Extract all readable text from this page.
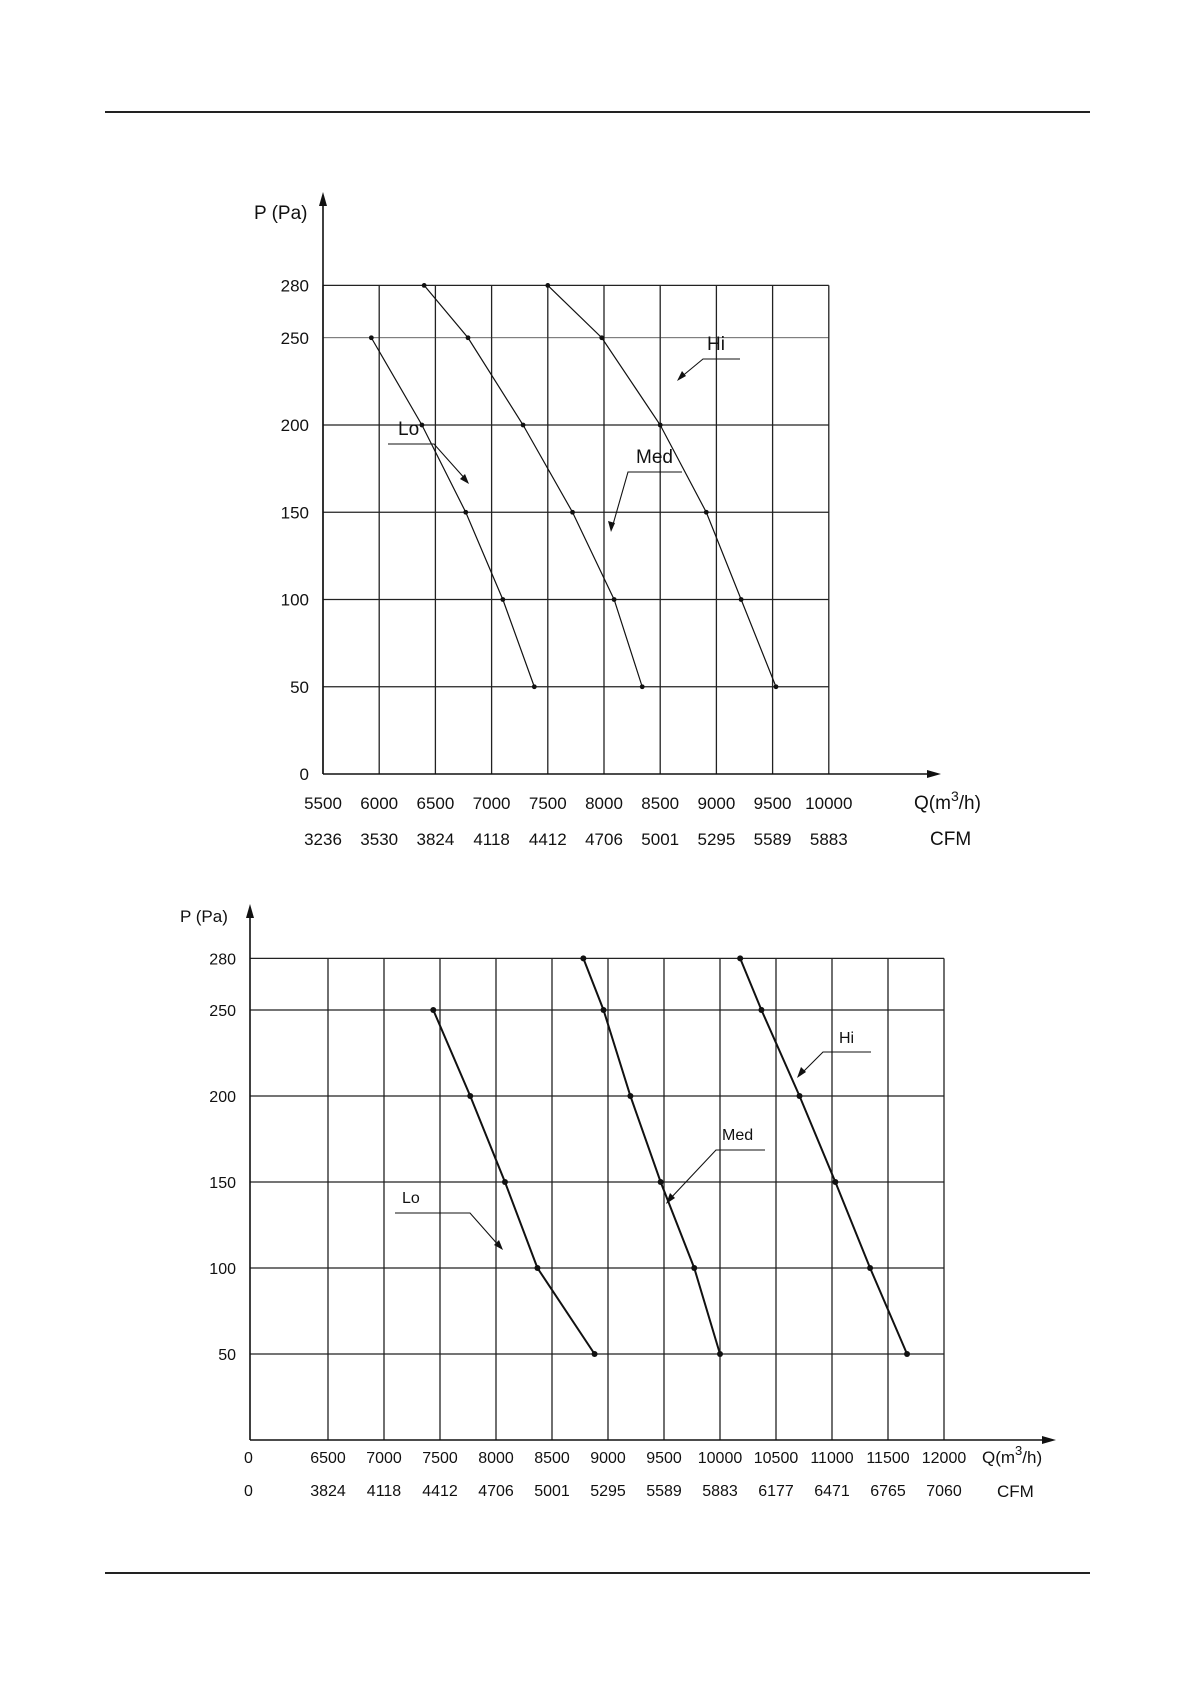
0
50
100
150
200
250
280
5500 6000 6500 7000 7500 8000 8500 9000 9500 10000
3236 3530 3824 4118 4412 4706 5001 5295 5589 5883
P (Pa)
$Q(m^3/h)$
CFM
Lo
Med
Hi
50
100
150
200
250
280
6500 7000 7500 8000 8500 9000 9500 10000 10500 11000 11500 12000
3824 4118 4412 4706 5001 5295 5589 5883 6177 6471 6765 7060
0
0
P (Pa)
$Q(m^3/h)$
CFM
Lo
Med
Hi
